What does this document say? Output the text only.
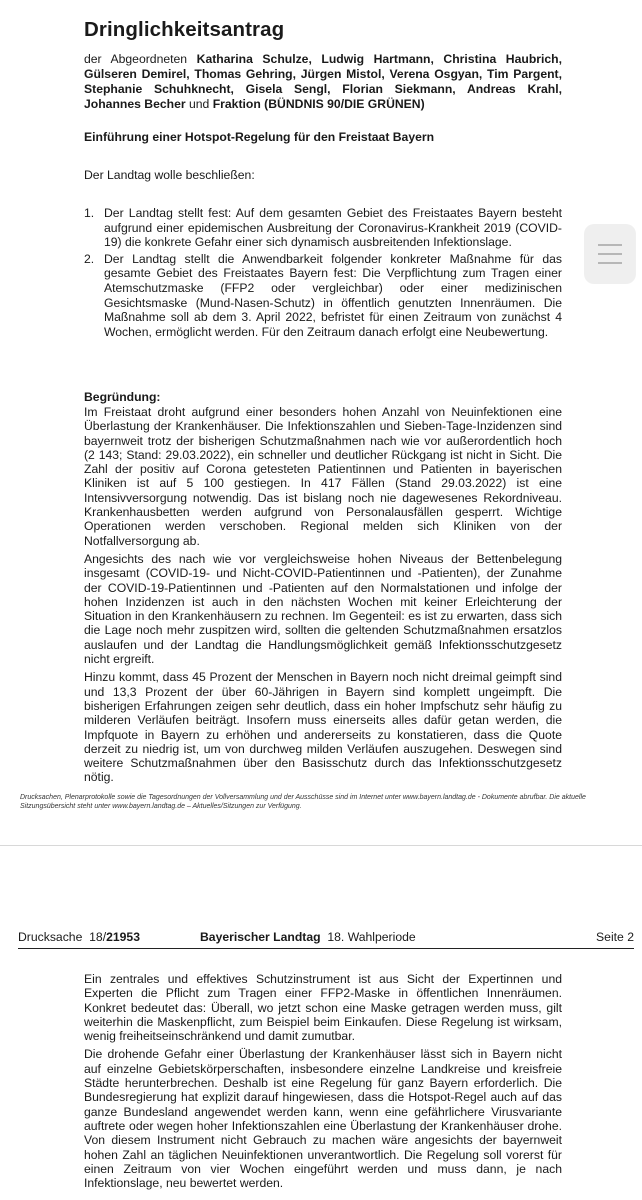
Dringlichkeitsantrag

der Abgeordneten Katharina Schulze, Ludwig Hartmann, Christina Haubrich, Gülseren Demirel, Thomas Gehring, Jürgen Mistol, Verena Osgyan, Tim Pargent, Stephanie Schuhknecht, Gisela Sengl, Florian Siekmann, Andreas Krahl, Johannes Becher und Fraktion (BÜNDNIS 90/DIE GRÜNEN)

Einführung einer Hotspot-Regelung für den Freistaat Bayern

Der Landtag wolle beschließen:

1. Der Landtag stellt fest: Auf dem gesamten Gebiet des Freistaates Bayern besteht aufgrund einer epidemischen Ausbreitung der Coronavirus-Krankheit 2019 (COVID-19) die konkrete Gefahr einer sich dynamisch ausbreitenden Infektionslage.
2. Der Landtag stellt die Anwendbarkeit folgender konkreter Maßnahme für das gesamte Gebiet des Freistaates Bayern fest: Die Verpflichtung zum Tragen einer Atemschutzmaske (FFP2 oder vergleichbar) oder einer medizinischen Gesichtsmaske (Mund-Nasen-Schutz) in öffentlich genutzten Innenräumen. Die Maßnahme soll ab dem 3. April 2022, befristet für einen Zeitraum von zunächst 4 Wochen, ermöglicht werden. Für den Zeitraum danach erfolgt eine Neubewertung.

Begründung:

Im Freistaat droht aufgrund einer besonders hohen Anzahl von Neuinfektionen eine Überlastung der Krankenhäuser. Die Infektionszahlen und Sieben-Tage-Inzidenzen sind bayernweit trotz der bisherigen Schutzmaßnahmen nach wie vor außerordentlich hoch (2 143; Stand: 29.03.2022), ein schneller und deutlicher Rückgang ist nicht in Sicht. Die Zahl der positiv auf Corona getesteten Patientinnen und Patienten in bayerischen Kliniken ist auf 5 100 gestiegen. In 417 Fällen (Stand 29.03.2022) ist eine Intensivversorgung notwendig. Das ist bislang noch nie dagewesenes Rekordniveau. Krankenhausbetten werden aufgrund von Personalausfällen gesperrt. Wichtige Operationen werden verschoben. Regional melden sich Kliniken von der Notfallversorgung ab.

Angesichts des nach wie vor vergleichsweise hohen Niveaus der Bettenbelegung insgesamt (COVID-19- und Nicht-COVID-Patientinnen und -Patienten), der Zunahme der COVID-19-Patientinnen und -Patienten auf den Normalstationen und infolge der hohen Inzidenzen ist auch in den nächsten Wochen mit keiner Erleichterung der Situation in den Krankenhäusern zu rechnen. Im Gegenteil: es ist zu erwarten, dass sich die Lage noch mehr zuspitzen wird, sollten die geltenden Schutzmaßnahmen ersatzlos auslaufen und der Landtag die Handlungsmöglichkeit gemäß Infektionsschutzgesetz nicht ergreift.

Hinzu kommt, dass 45 Prozent der Menschen in Bayern noch nicht dreimal geimpft sind und 13,3 Prozent der über 60-Jährigen in Bayern sind komplett ungeimpft. Die bisherigen Erfahrungen zeigen sehr deutlich, dass ein hoher Impfschutz sehr häufig zu milderen Verläufen beiträgt. Insofern muss einerseits alles dafür getan werden, die Impfquote in Bayern zu erhöhen und andererseits zu konstatieren, dass die Quote derzeit zu niedrig ist, um von durchweg milden Verläufen auszugehen. Deswegen sind weitere Schutzmaßnahmen über den Basisschutz durch das Infektionsschutzgesetz nötig.

Drucksachen, Plenarprotokolle sowie die Tagesordnungen der Vollversammlung und der Ausschüsse sind im Internet unter www.bayern.landtag.de - Dokumente abrufbar. Die aktuelle Sitzungsübersicht steht unter www.bayern.landtag.de – Aktuelles/Sitzungen zur Verfügung.

Drucksache 18/21953	Bayerischer Landtag 18. Wahlperiode	Seite 2

Ein zentrales und effektives Schutzinstrument ist aus Sicht der Expertinnen und Experten die Pflicht zum Tragen einer FFP2-Maske in öffentlichen Innenräumen. Konkret bedeutet das: Überall, wo jetzt schon eine Maske getragen werden muss, gilt weiterhin die Maskenpflicht, zum Beispiel beim Einkaufen. Diese Regelung ist wirksam, wenig freiheitseinschränkend und damit zumutbar.

Die drohende Gefahr einer Überlastung der Krankenhäuser lässt sich in Bayern nicht auf einzelne Gebietskörperschaften, insbesondere einzelne Landkreise und kreisfreie Städte herunterbrechen. Deshalb ist eine Regelung für ganz Bayern erforderlich. Die Bundesregierung hat explizit darauf hingewiesen, dass die Hotspot-Regel auch auf das ganze Bundesland angewendet werden kann, wenn eine gefährlichere Virusvariante auftrete oder wegen hoher Infektionszahlen eine Überlastung der Krankenhäuser drohe. Von diesem Instrument nicht Gebrauch zu machen wäre angesichts der bayernweit hohen Zahl an täglichen Neuinfektionen unverantwortlich. Die Regelung soll vorerst für einen Zeitraum von vier Wochen eingeführt werden und muss dann, je nach Infektionslage, neu bewertet werden.
